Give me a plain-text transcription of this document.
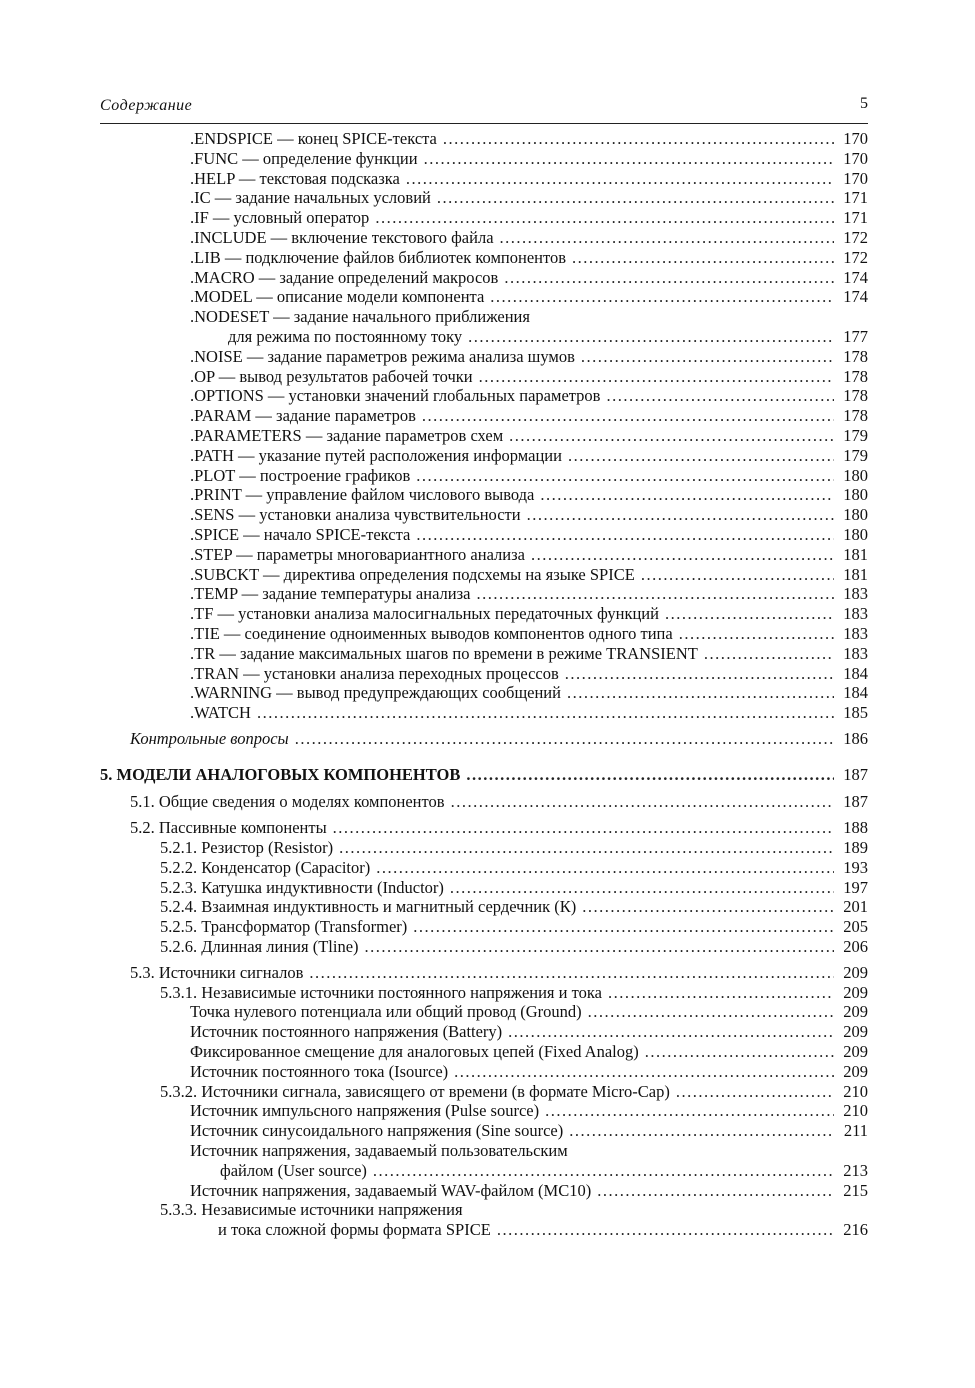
Содержание	5
.ENDSPICE — конец SPICE-текста .....	170
.FUNC — определение функции .....	170
.HELP — текстовая подсказка .....	170
.IC — задание начальных условий .....	171
.IF — условный оператор .....	171
.INCLUDE — включение текстового файла .....	172
.LIB — подключение файлов библиотек компонентов .....	172
.MACRO — задание определений макросов .....	174
.MODEL — описание модели компонента .....	174
.NODESET — задание начального приближения
для режима по постоянному току .....	177
.NOISE — задание параметров режима анализа шумов .....	178
.OP — вывод результатов рабочей точки .....	178
.OPTIONS — установки значений глобальных параметров .....	178
.PARAM — задание параметров .....	178
.PARAMETERS — задание параметров схем .....	179
.PATH — указание путей расположения информации .....	179
.PLOT — построение графиков .....	180
.PRINT — управление файлом числового вывода .....	180
.SENS — установки анализа чувствительности .....	180
.SPICE — начало SPICE-текста .....	180
.STEP — параметры многовариантного анализа .....	181
.SUBCKT — директива определения подсхемы на языке SPICE .....	181
.TEMP — задание температуры анализа .....	183
.TF — установки анализа малосигнальных передаточных функций .....	183
.TIE — соединение одноименных выводов компонентов одного типа .....	183
.TR — задание максимальных шагов по времени в режиме TRANSIENT .....	183
.TRAN — установки анализа переходных процессов .....	184
.WARNING — вывод предупреждающих сообщений .....	184
.WATCH .....	185
Контрольные вопросы .....	186
5. МОДЕЛИ АНАЛОГОВЫХ КОМПОНЕНТОВ .....	187
5.1. Общие сведения о моделях компонентов .....	187
5.2. Пассивные компоненты .....	188
5.2.1. Резистор (Resistor) .....	189
5.2.2. Конденсатор (Capacitor) .....	193
5.2.3. Катушка индуктивности (Inductor) .....	197
5.2.4. Взаимная индуктивность и магнитный сердечник (К) .....	201
5.2.5. Трансформатор (Transformer) .....	205
5.2.6. Длинная линия (Tline) .....	206
5.3. Источники сигналов .....	209
5.3.1. Независимые источники постоянного напряжения и тока .....	209
Точка нулевого потенциала или общий провод (Ground) .....	209
Источник постоянного напряжения (Battery) .....	209
Фиксированное смещение для аналоговых цепей (Fixed Analog) .....	209
Источник постоянного тока (Isource) .....	209
5.3.2. Источники сигнала, зависящего от времени (в формате Micro-Cap) .....	210
Источник импульсного напряжения (Pulse source) .....	210
Источник синусоидального напряжения (Sine source) .....	211
Источник напряжения, задаваемый пользовательским
файлом (User source) .....	213
Источник напряжения, задаваемый WAV-файлом (MC10) .....	215
5.3.3. Независимые источники напряжения
и тока сложной формы формата SPICE .....	216
